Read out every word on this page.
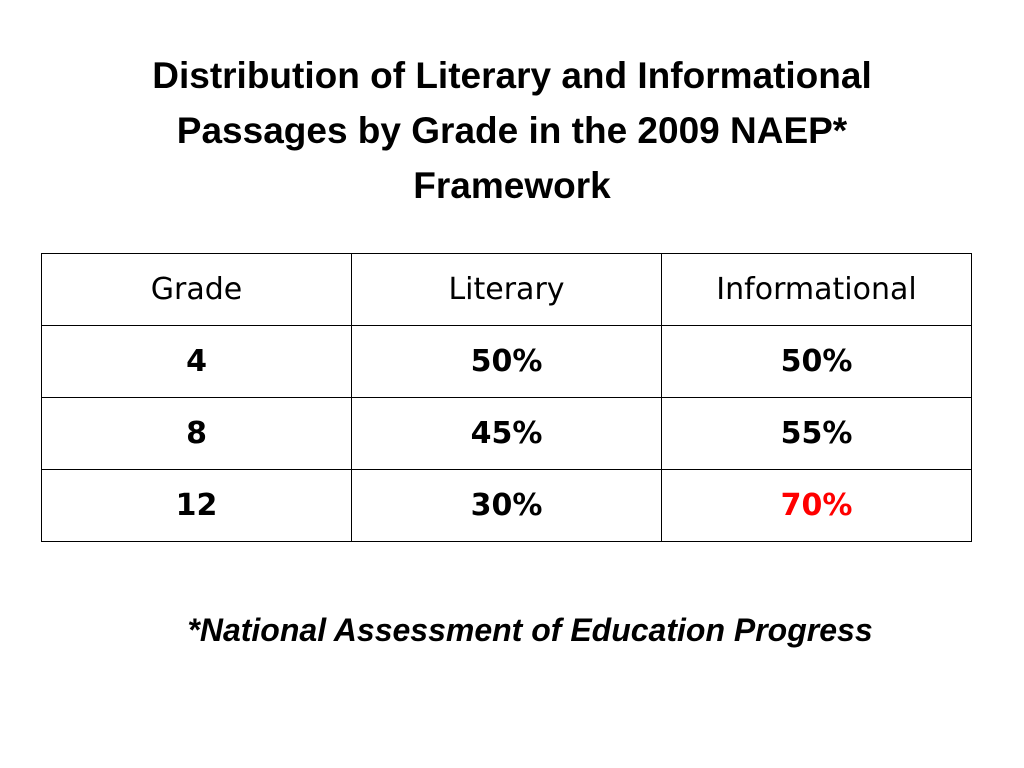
Distribution of Literary and Informational
Passages by Grade in the 2009 NAEP*
Framework
Grade	Literary	Informational
4	50%	50%
8	45%	55%
12	30%	70%

*National Assessment of Education Progress
